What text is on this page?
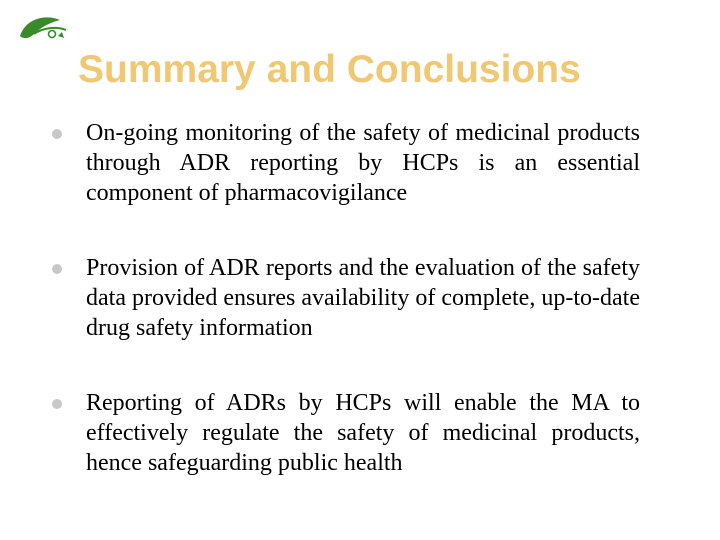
Summary and Conclusions
On-going monitoring of the safety of medicinal products through ADR reporting by HCPs is an essential component of pharmacovigilance
Provision of ADR reports and the evaluation of the safety data provided ensures availability of complete, up-to-date drug safety information
Reporting of ADRs by HCPs will enable the MA to effectively regulate the safety of medicinal products, hence safeguarding public health
